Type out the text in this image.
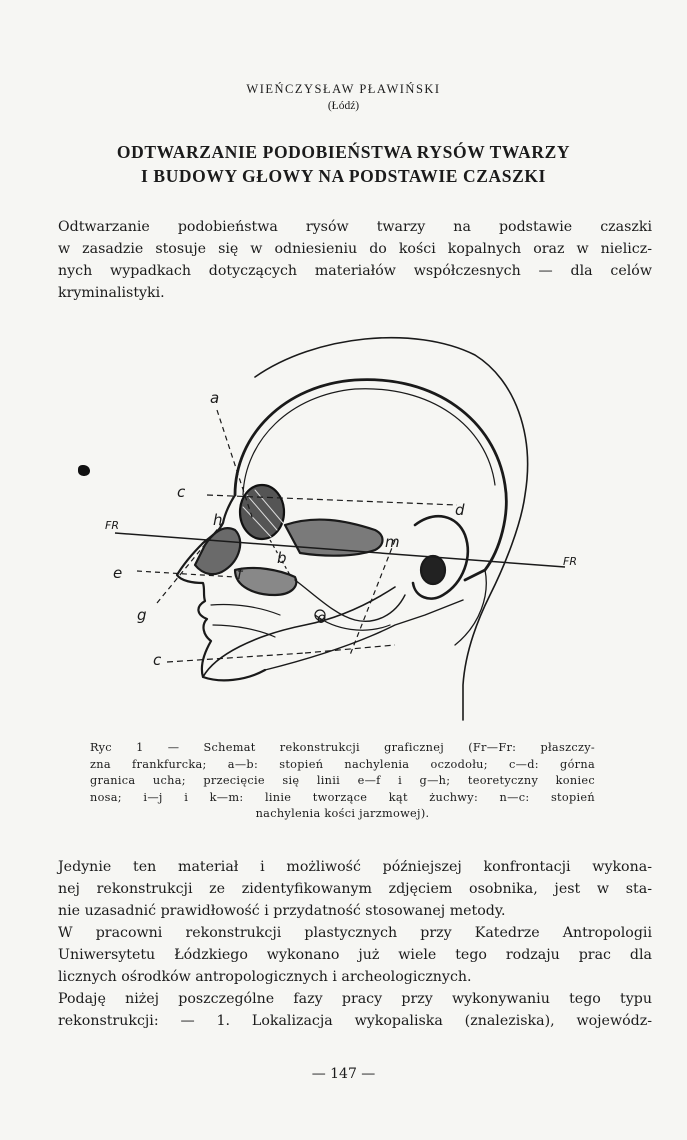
WIEŃCZYSŁAW PŁAWIŃSKI
(Łódź)
ODTWARZANIE PODOBIEŃSTWA RYSÓW TWARZY
I BUDOWY GŁOWY NA PODSTAWIE CZASZKI
Odtwarzanie podobieństwa rysów twarzy na podstawie czaszki
w zasadzie stosuje się w odniesieniu do kości kopalnych oraz w nielicz-
nych wypadkach dotyczących materiałów współczesnych — dla celów
kryminalistyki.
a
c
d
h
b
m
e	f
g	o
c
FR
FR
Ryc 1 — Schemat rekonstrukcji graficznej (Fr—Fr: płaszczy-
zna frankfurcka; a—b: stopień nachylenia oczodołu; c—d: górna
granica ucha; przecięcie się linii e—f i g—h; teoretyczny koniec
nosa; i—j i k—m: linie tworzące kąt żuchwy: n—c: stopień
nachylenia kości jarzmowej).
Jedynie ten materiał i możliwość późniejszej konfrontacji wykona-
nej rekonstrukcji ze zidentyfikowanym zdjęciem osobnika, jest w sta-
nie uzasadnić prawidłowość i przydatność stosowanej metody.
W pracowni rekonstrukcji plastycznych przy Katedrze Antropologii
Uniwersytetu Łódzkiego wykonano już wiele tego rodzaju prac dla
licznych ośrodków antropologicznych i archeologicznych.
Podaję niżej poszczególne fazy pracy przy wykonywaniu tego typu
rekonstrukcji: — 1. Lokalizacja wykopaliska (znaleziska), wojewódz-
— 147 —
